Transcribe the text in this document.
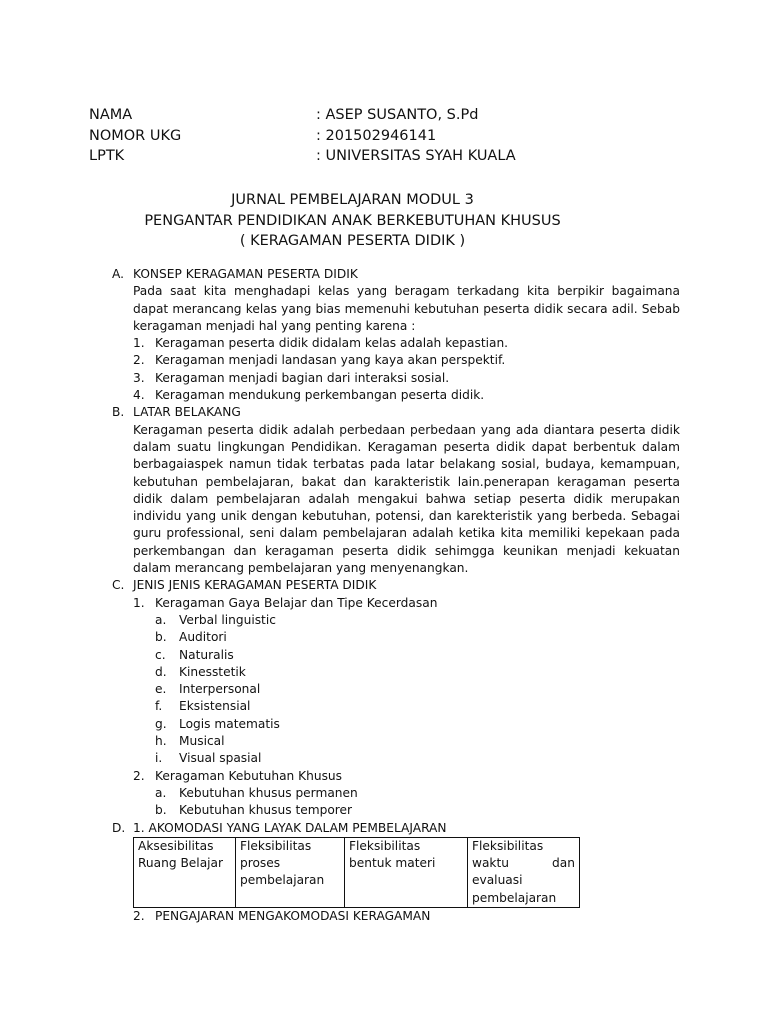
NAMA	: ASEP SUSANTO, S.Pd
NOMOR UKG	: 201502946141
LPTK	: UNIVERSITAS SYAH KUALA
JURNAL PEMBELAJARAN MODUL 3
PENGANTAR PENDIDIKAN ANAK BERKEBUTUHAN KHUSUS
( KERAGAMAN PESERTA DIDIK )
A. KONSEP KERAGAMAN PESERTA DIDIK
Pada saat kita menghadapi kelas yang beragam terkadang kita berpikir bagaimana dapat merancang kelas yang bias memenuhi kebutuhan peserta didik secara adil. Sebab keragaman menjadi hal yang penting karena :
1. Keragaman peserta didik didalam kelas adalah kepastian.
2. Keragaman menjadi landasan yang kaya akan perspektif.
3. Keragaman menjadi bagian dari interaksi sosial.
4. Keragaman mendukung perkembangan peserta didik.
B. LATAR BELAKANG
Keragaman peserta didik adalah perbedaan perbedaan yang ada diantara peserta didik dalam suatu lingkungan Pendidikan. Keragaman peserta didik dapat berbentuk dalam berbagaiaspek namun tidak terbatas pada latar belakang sosial, budaya, kemampuan, kebutuhan pembelajaran, bakat dan karakteristik lain.penerapan keragaman peserta didik dalam pembelajaran adalah mengakui bahwa setiap peserta didik merupakan individu yang unik dengan kebutuhan, potensi, dan karekteristik yang berbeda. Sebagai guru professional, seni dalam pembelajaran adalah ketika kita memiliki kepekaan pada perkembangan dan keragaman peserta didik sehimgga keunikan menjadi kekuatan dalam merancang pembelajaran yang menyenangkan.
C. JENIS JENIS KERAGAMAN PESERTA DIDIK
1. Keragaman Gaya Belajar dan Tipe Kecerdasan
a.	Verbal linguistic
b.	Auditori
c.	Naturalis
d.	Kinesstetik
e.	Interpersonal
f.	Eksistensial
g.	Logis matematis
h.	Musical
i.	Visual spasial
2. Keragaman Kebutuhan Khusus
a.	Kebutuhan khusus permanen
b.	Kebutuhan khusus temporer
D. 1. AKOMODASI YANG LAYAK DALAM PEMBELAJARAN
Aksesibilitas Ruang Belajar	Fleksibilitas proses pembelajaran	Fleksibilitas bentuk materi	Fleksibilitas waktu dan evaluasi pembelajaran
2. PENGAJARAN MENGAKOMODASI KERAGAMAN
